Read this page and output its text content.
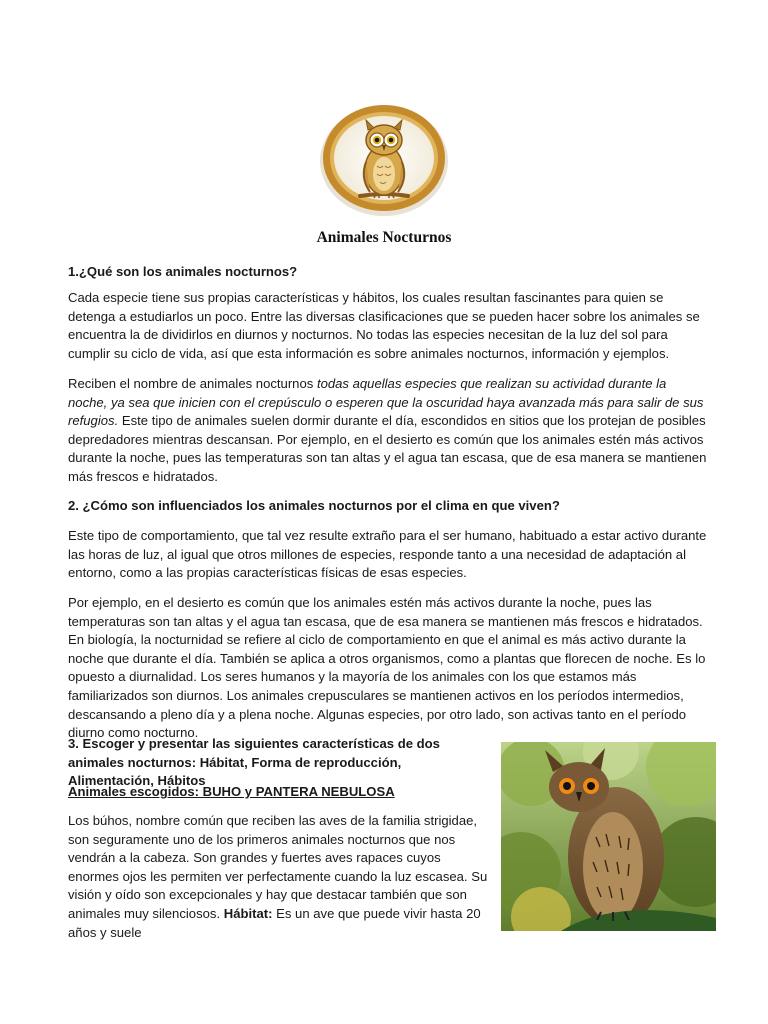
Animales Nocturnos

1.¿Qué son los animales nocturnos?

Cada especie tiene sus propias características y hábitos, los cuales resultan fascinantes para quien se detenga a estudiarlos un poco. Entre las diversas clasificaciones que se pueden hacer sobre los animales se encuentra la de dividirlos en diurnos y nocturnos. No todas las especies necesitan de la luz del sol para cumplir su ciclo de vida, así que esta información es sobre animales nocturnos, información y ejemplos.

Reciben el nombre de animales nocturnos todas aquellas especies que realizan su actividad durante la noche, ya sea que inicien con el crepúsculo o esperen que la oscuridad haya avanzada más para salir de sus refugios. Este tipo de animales suelen dormir durante el día, escondidos en sitios que los protejan de posibles depredadores mientras descansan. Por ejemplo, en el desierto es común que los animales estén más activos durante la noche, pues las temperaturas son tan altas y el agua tan escasa, que de esa manera se mantienen más frescos e hidratados.

2. ¿Cómo son influenciados los animales nocturnos por el clima en que viven?

Este tipo de comportamiento, que tal vez resulte extraño para el ser humano, habituado a estar activo durante las horas de luz, al igual que otros millones de especies, responde tanto a una necesidad de adaptación al entorno, como a las propias características físicas de esas especies.

Por ejemplo, en el desierto es común que los animales estén más activos durante la noche, pues las temperaturas son tan altas y el agua tan escasa, que de esa manera se mantienen más frescos e hidratados. En biología, la nocturnidad se refiere al ciclo de comportamiento en que el animal es más activo durante la noche que durante el día. También se aplica a otros organismos, como a plantas que florecen de noche. Es lo opuesto a diurnalidad. Los seres humanos y la mayoría de los animales con los que estamos más familiarizados son diurnos. Los animales crepusculares se mantienen activos en los períodos intermedios, descansando a pleno día y a plena noche. Algunas especies, por otro lado, son activas tanto en el período diurno como nocturno.

3. Escoger y presentar las siguientes características de dos animales nocturnos: Hábitat, Forma de reproducción, Alimentación, Hábitos

Animales escogidos: BUHO y PANTERA NEBULOSA

Los búhos, nombre común que reciben las aves de la familia strigidae, son seguramente uno de los primeros animales nocturnos que nos vendrán a la cabeza. Son grandes y fuertes aves rapaces cuyos enormes ojos les permiten ver perfectamente cuando la luz escasea. Su visión y oído son excepcionales y hay que destacar también que son animales muy silenciosos. Hábitat: Es un ave que puede vivir hasta 20 años y suele
